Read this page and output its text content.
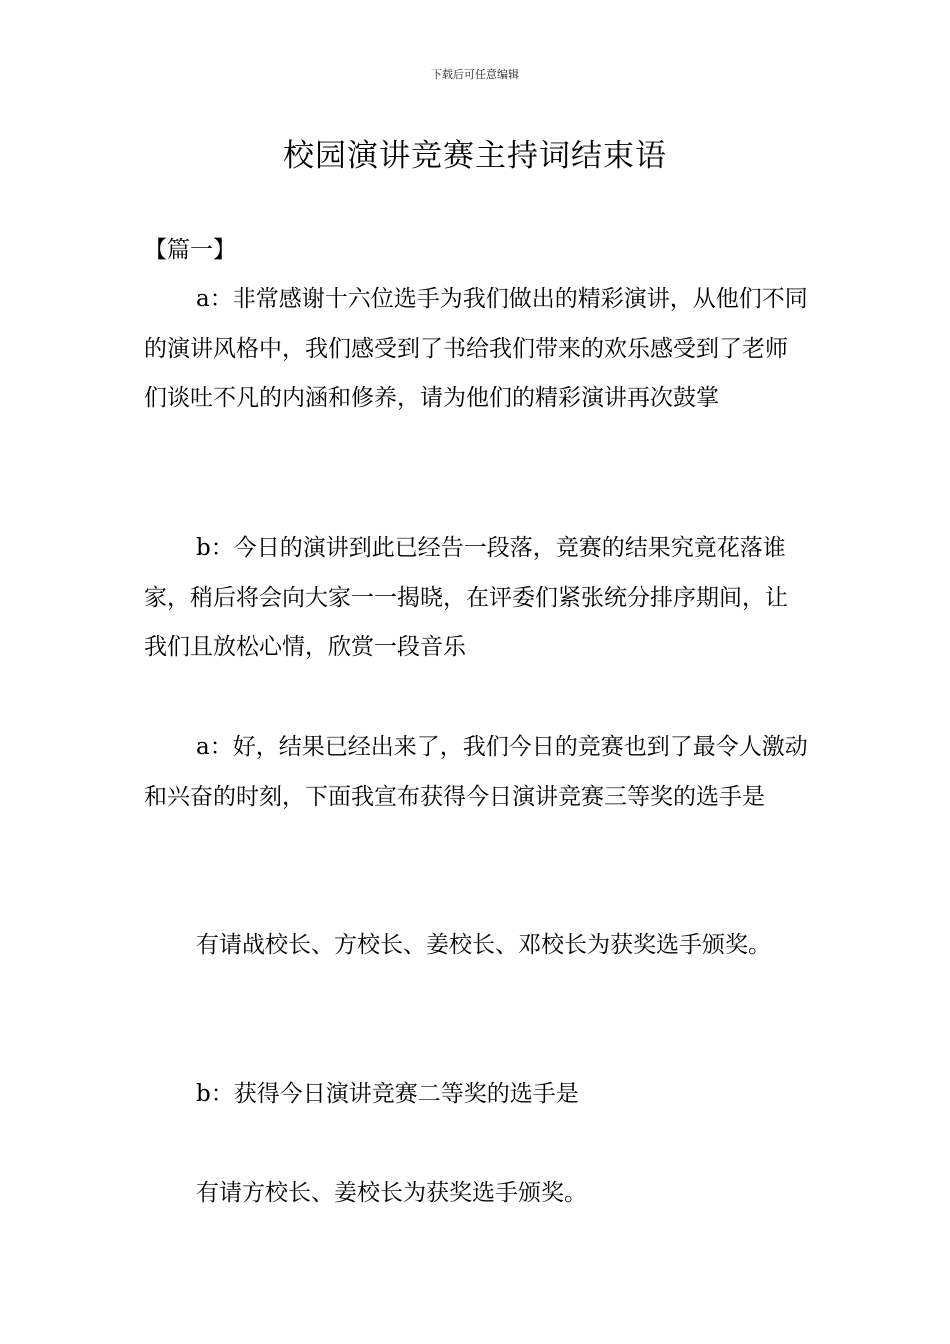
下载后可任意编辑
校园演讲竞赛主持词结束语
【篇一】

a：非常感谢十六位选手为我们做出的精彩演讲，从他们不同的演讲风格中，我们感受到了书给我们带来的欢乐感受到了老师们谈吐不凡的内涵和修养，请为他们的精彩演讲再次鼓掌

b：今日的演讲到此已经告一段落，竞赛的结果究竟花落谁家，稍后将会向大家一一揭晓，在评委们紧张统分排序期间，让我们且放松心情，欣赏一段音乐

a：好，结果已经出来了，我们今日的竞赛也到了最令人激动和兴奋的时刻，下面我宣布获得今日演讲竞赛三等奖的选手是

有请战校长、方校长、姜校长、邓校长为获奖选手颁奖。

b：获得今日演讲竞赛二等奖的选手是

有请方校长、姜校长为获奖选手颁奖。
